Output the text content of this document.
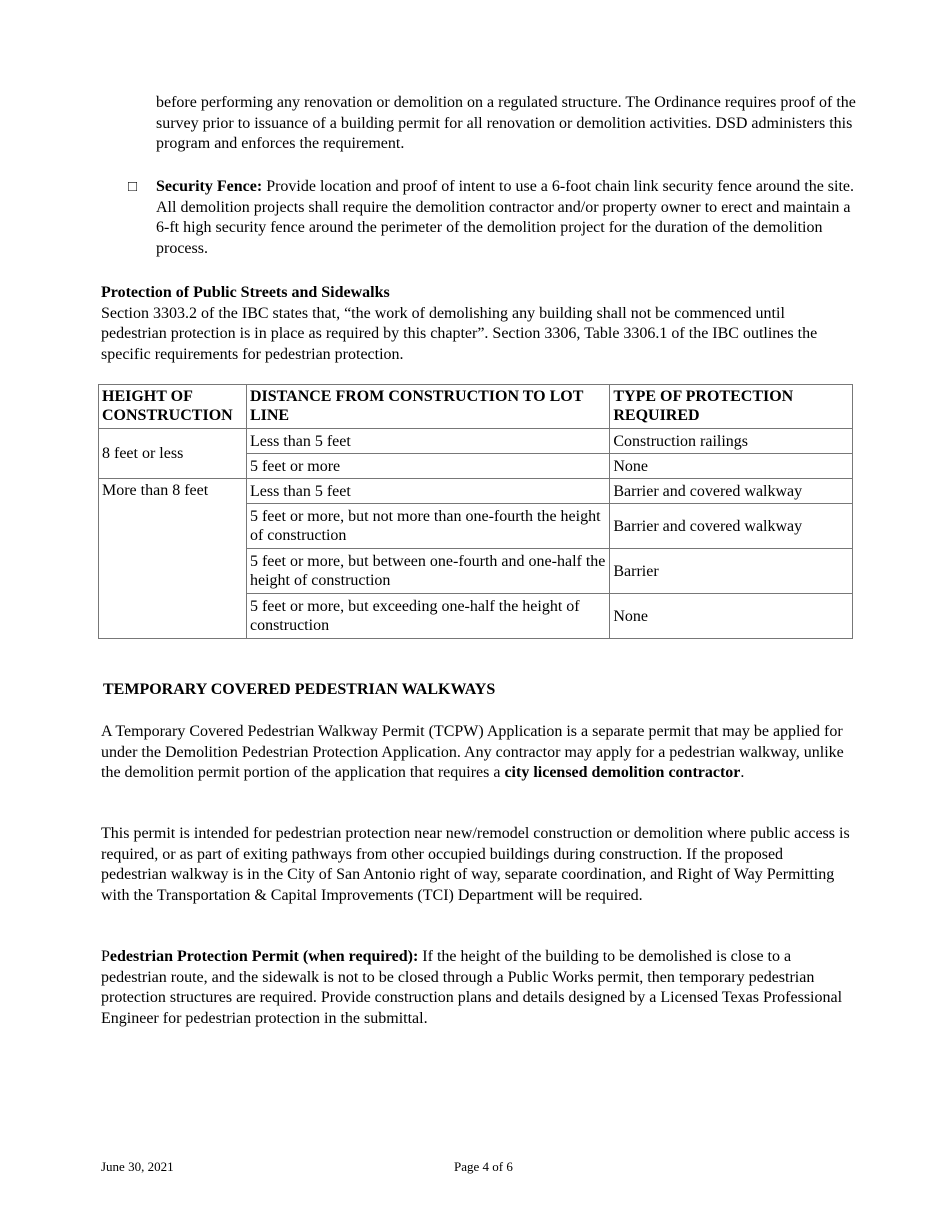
before performing any renovation or demolition on a regulated structure. The Ordinance requires proof of the survey prior to issuance of a building permit for all renovation or demolition activities. DSD administers this program and enforces the requirement.

□ Security Fence: Provide location and proof of intent to use a 6-foot chain link security fence around the site. All demolition projects shall require the demolition contractor and/or property owner to erect and maintain a 6-ft high security fence around the perimeter of the demolition project for the duration of the demolition process.

Protection of Public Streets and Sidewalks
Section 3303.2 of the IBC states that, “the work of demolishing any building shall not be commenced until pedestrian protection is in place as required by this chapter”. Section 3306, Table 3306.1 of the IBC outlines the specific requirements for pedestrian protection.

HEIGHT OF CONSTRUCTION	DISTANCE FROM CONSTRUCTION TO LOT LINE	TYPE OF PROTECTION REQUIRED
8 feet or less	Less than 5 feet	Construction railings
	5 feet or more	None
More than 8 feet	Less than 5 feet	Barrier and covered walkway
	5 feet or more, but not more than one-fourth the height of construction	Barrier and covered walkway
	5 feet or more, but between one-fourth and one-half the height of construction	Barrier
	5 feet or more, but exceeding one-half the height of construction	None

TEMPORARY COVERED PEDESTRIAN WALKWAYS

A Temporary Covered Pedestrian Walkway Permit (TCPW) Application is a separate permit that may be applied for under the Demolition Pedestrian Protection Application. Any contractor may apply for a pedestrian walkway, unlike the demolition permit portion of the application that requires a city licensed demolition contractor.

This permit is intended for pedestrian protection near new/remodel construction or demolition where public access is required, or as part of exiting pathways from other occupied buildings during construction. If the proposed pedestrian walkway is in the City of San Antonio right of way, separate coordination, and Right of Way Permitting with the Transportation & Capital Improvements (TCI) Department will be required.

Pedestrian Protection Permit (when required): If the height of the building to be demolished is close to a pedestrian route, and the sidewalk is not to be closed through a Public Works permit, then temporary pedestrian protection structures are required. Provide construction plans and details designed by a Licensed Texas Professional Engineer for pedestrian protection in the submittal.

June 30, 2021	Page 4 of 6
